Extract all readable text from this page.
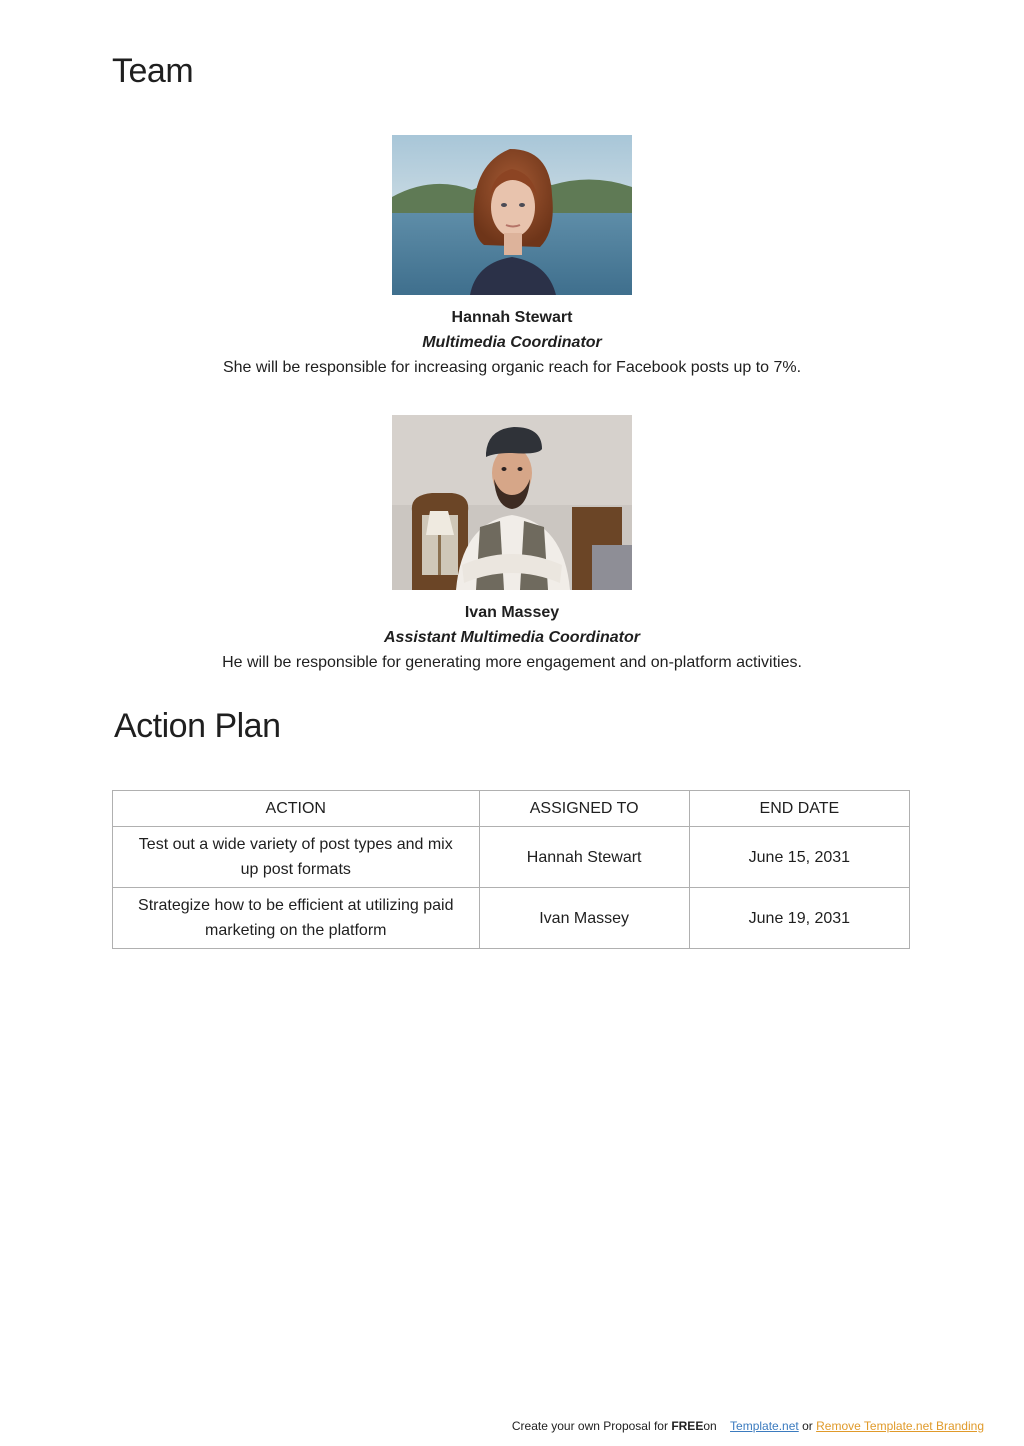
Team
Hannah Stewart
Multimedia Coordinator
She will be responsible for increasing organic reach for Facebook posts up to 7%.
Ivan Massey
Assistant Multimedia Coordinator
He will be responsible for generating more engagement and on-platform activities.
Action Plan
ACTION	ASSIGNED TO	END DATE
Test out a wide variety of post types and mix up post formats	Hannah Stewart	June 15, 2031
Strategize how to be efficient at utilizing paid marketing on the platform	Ivan Massey	June 19, 2031
Create your own Proposal for FREEon Template.net or Remove Template.net Branding
